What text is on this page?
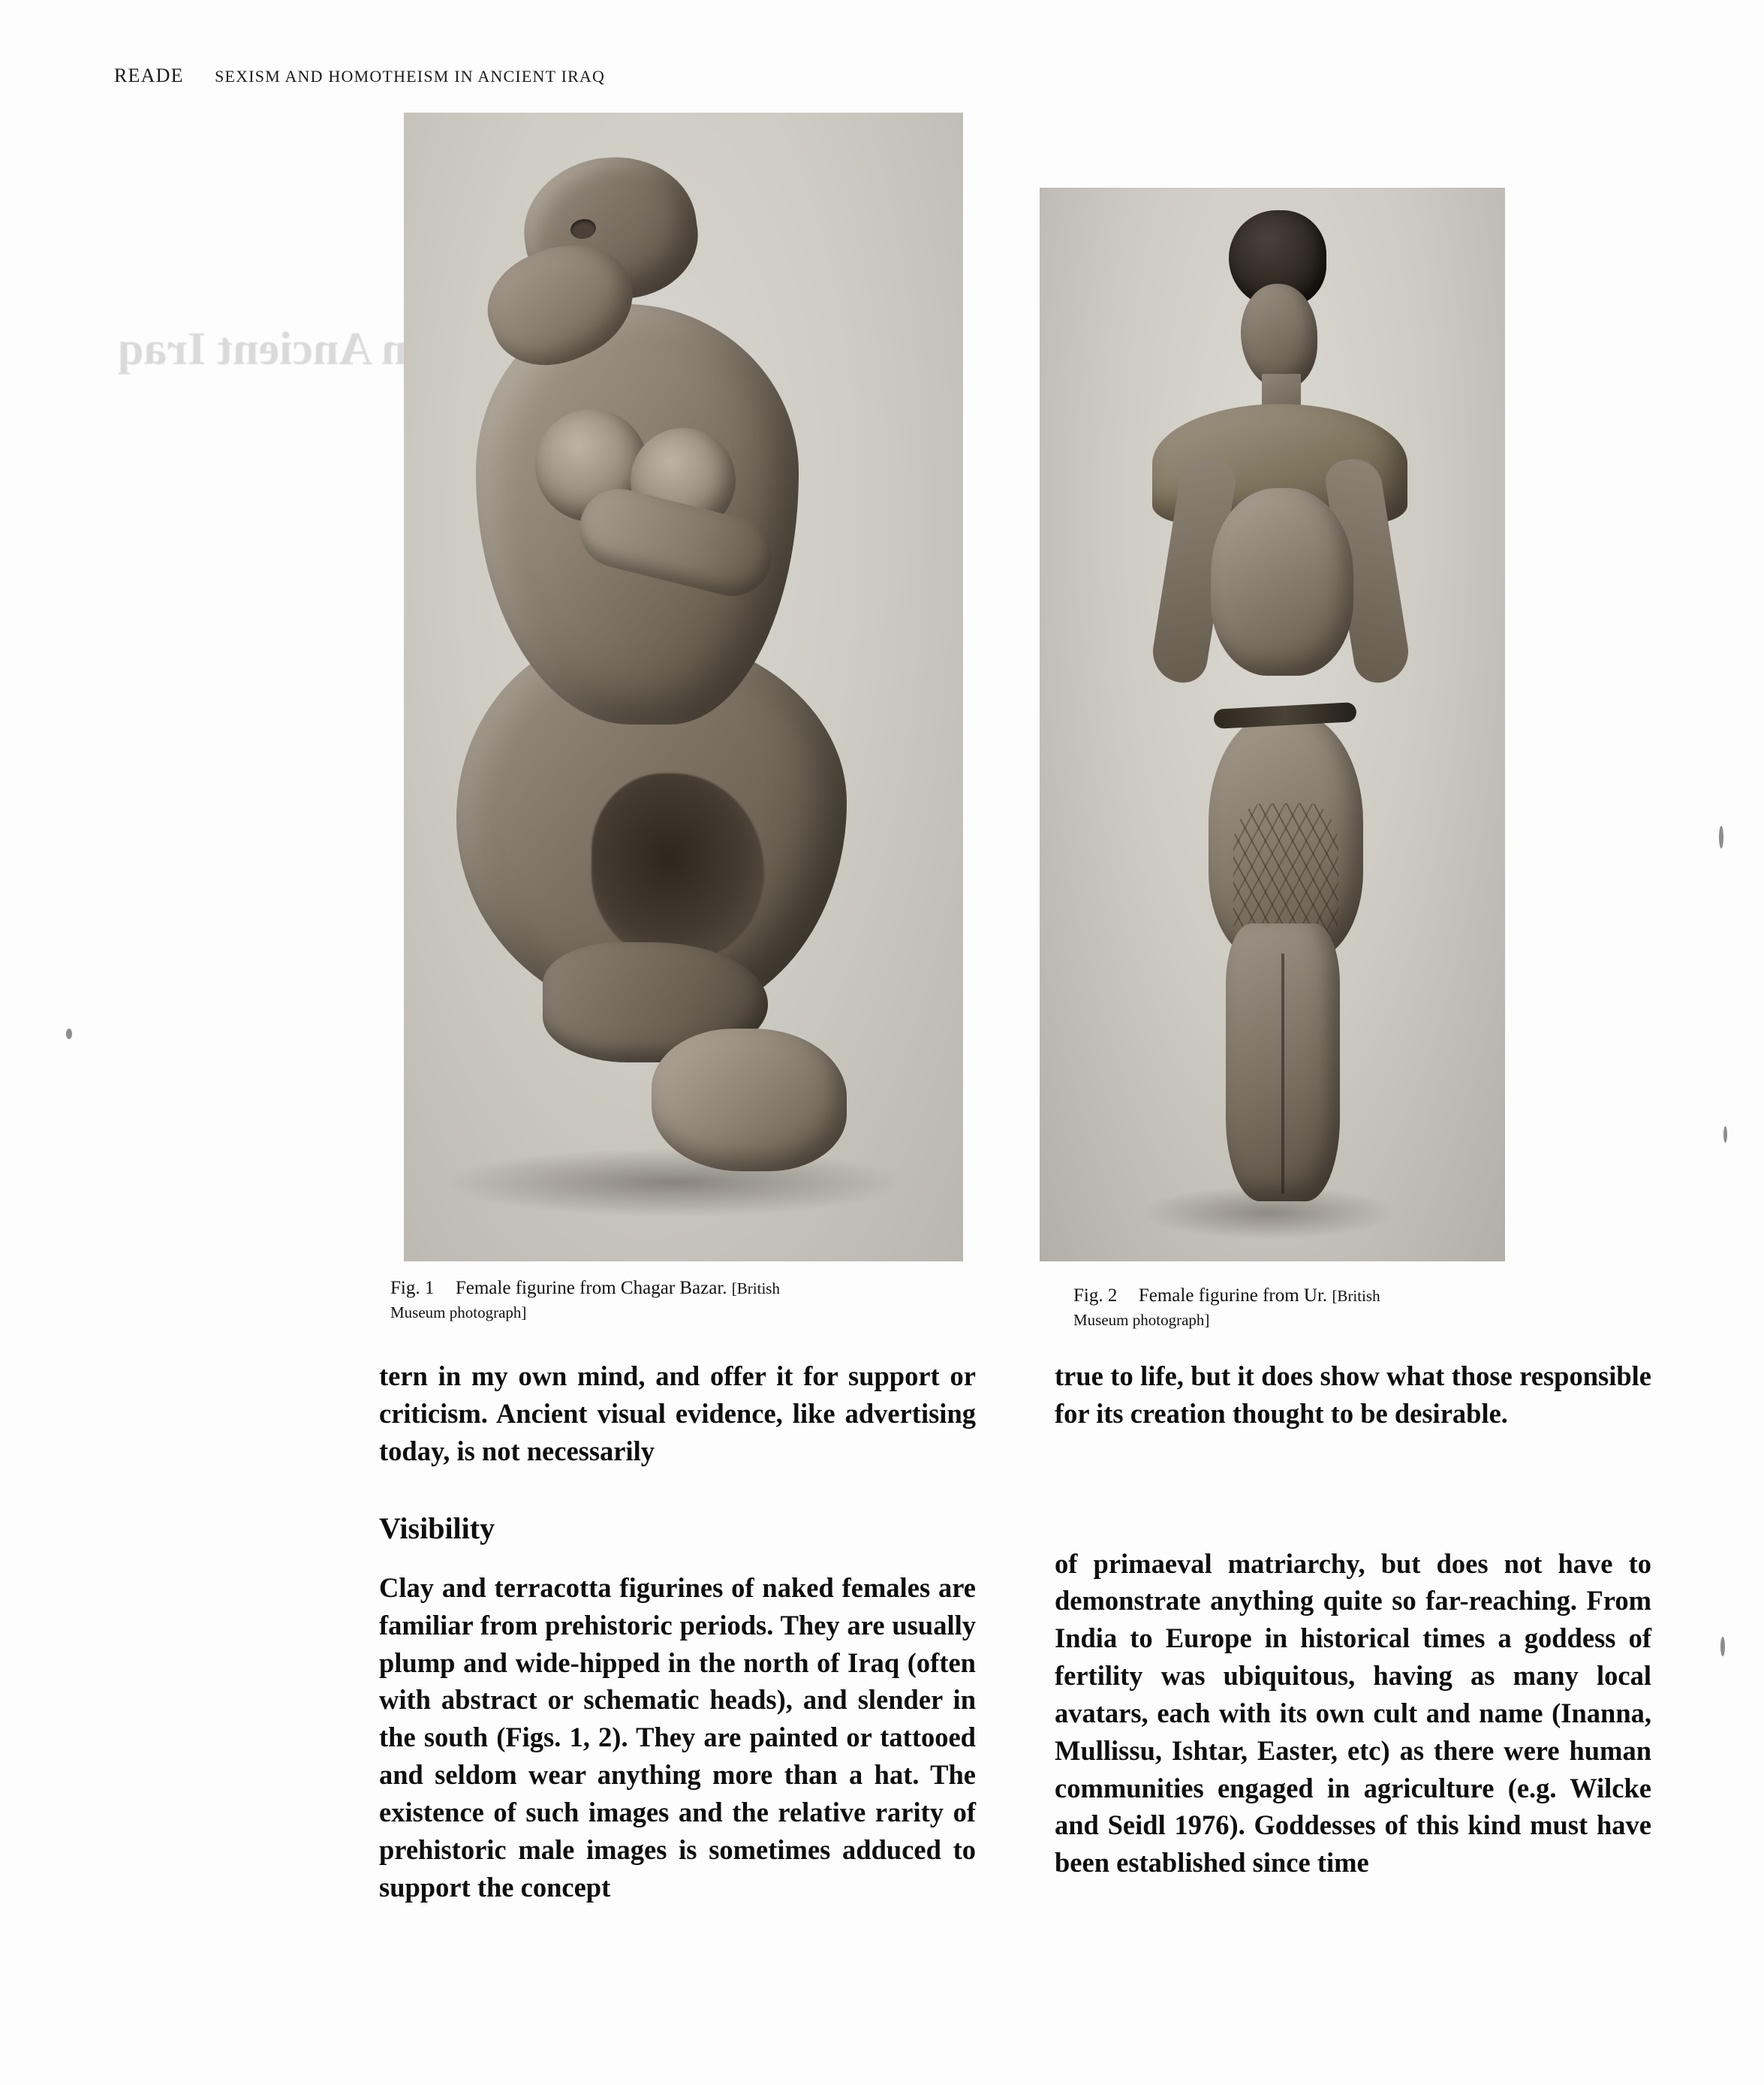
in Ancient Iraq
READE SEXISM AND HOMOTHEISM IN ANCIENT IRAQ
Fig. 1 Female figurine from Chagar Bazar. [British Museum photograph]
Fig. 2 Female figurine from Ur. [British Museum photograph]

tern in my own mind, and offer it for support or criticism. Ancient visual evidence, like advertising today, is not necessarily

Visibility

Clay and terracotta figurines of naked females are familiar from prehistoric periods. They are usually plump and wide-hipped in the north of Iraq (often with abstract or schematic heads), and slender in the south (Figs. 1, 2). They are painted or tattooed and seldom wear anything more than a hat. The existence of such images and the relative rarity of prehistoric male images is sometimes adduced to support the concept

true to life, but it does show what those responsible for its creation thought to be desirable.

of primaeval matriarchy, but does not have to demonstrate anything quite so far-reaching. From India to Europe in historical times a goddess of fertility was ubiquitous, having as many local avatars, each with its own cult and name (Inanna, Mullissu, Ishtar, Easter, etc) as there were human communities engaged in agriculture (e.g. Wilcke and Seidl 1976). Goddesses of this kind must have been established since time
